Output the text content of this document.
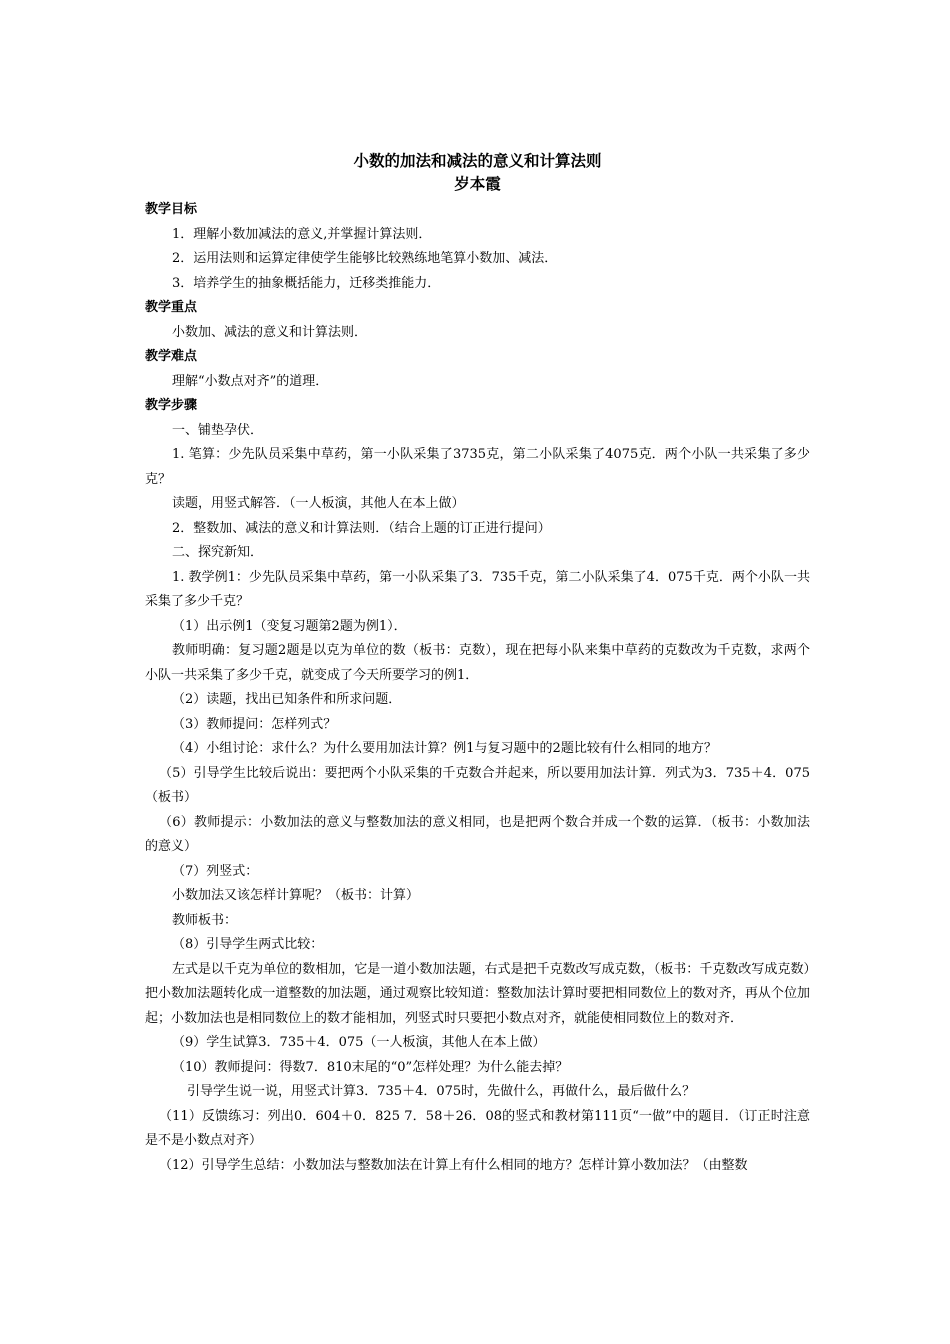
小数的加法和减法的意义和计算法则

岁本霞

教学目标

1．理解小数加减法的意义,并掌握计算法则．

2．运用法则和运算定律使学生能够比较熟练地笔算小数加、减法．

3．培养学生的抽象概括能力，迁移类推能力．

教学重点

小数加、减法的意义和计算法则．

教学难点

理解“小数点对齐”的道理．

教学步骤

一、铺垫孕伏．

1. 笔算：少先队员采集中草药，第一小队采集了3735克，第二小队采集了4075克．两个小队一共采集了多少克？

读题，用竖式解答．（一人板演，其他人在本上做）

2．整数加、减法的意义和计算法则．（结合上题的订正进行提问）

二、探究新知．

1. 教学例1：少先队员采集中草药，第一小队采集了3．735千克，第二小队采集了4．075千克．两个小队一共采集了多少千克？

（1）出示例1（变复习题第2题为例1）．

教师明确：复习题2题是以克为单位的数（板书：克数），现在把每小队来集中草药的克数改为千克数，求两个小队一共采集了多少千克，就变成了今天所要学习的例1．

（2）读题，找出已知条件和所求问题．

（3）教师提问：怎样列式？

（4）小组讨论：求什么？为什么要用加法计算？例1与复习题中的2题比较有什么相同的地方？

（5）引导学生比较后说出：要把两个小队采集的千克数合并起来，所以要用加法计算．列式为3．735＋4．075（板书）

（6）教师提示：小数加法的意义与整数加法的意义相同，也是把两个数合并成一个数的运算．（板书：小数加法的意义）

（7）列竖式：

小数加法又该怎样计算呢？（板书：计算）

教师板书：

（8）引导学生两式比较：

左式是以千克为单位的数相加，它是一道小数加法题，右式是把千克数改写成克数，（板书：千克数改写成克数）把小数加法题转化成一道整数的加法题，通过观察比较知道：整数加法计算时要把相同数位上的数对齐，再从个位加起；小数加法也是相同数位上的数才能相加，列竖式时只要把小数点对齐，就能使相同数位上的数对齐．

（9）学生试算3．735＋4．075（一人板演，其他人在本上做）

（10）教师提问：得数7．810末尾的“0”怎样处理？为什么能去掉？

引导学生说一说，用竖式计算3．735＋4．075时，先做什么，再做什么，最后做什么？

（11）反馈练习：列出0．604＋0．825 7．58＋26．08的竖式和教材第111页“一做”中的题目．（订正时注意是不是小数点对齐）

（12）引导学生总结：小数加法与整数加法在计算上有什么相同的地方？怎样计算小数加法？（由整数
